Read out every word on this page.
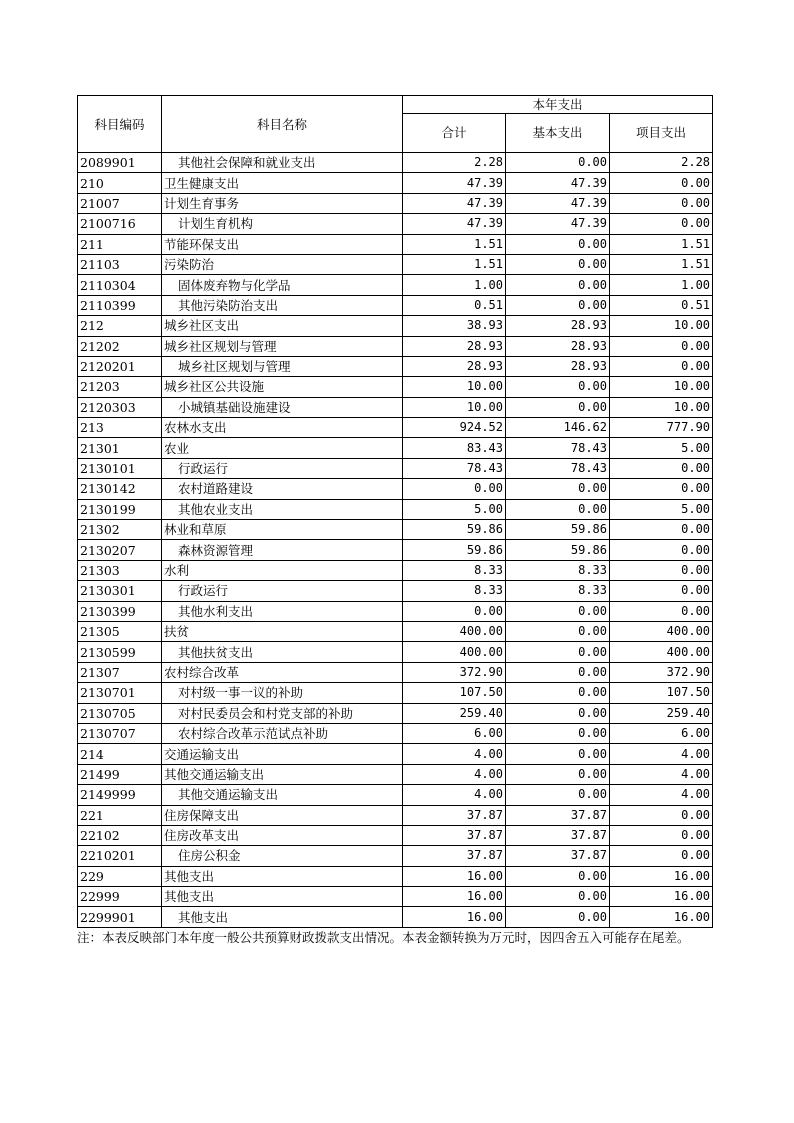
科目编码	科目名称	本年支出		
		合计	基本支出	项目支出
2089901	其他社会保障和就业支出	2.28	0.00	2.28
210	卫生健康支出	47.39	47.39	0.00
21007	计划生育事务	47.39	47.39	0.00
2100716	计划生育机构	47.39	47.39	0.00
211	节能环保支出	1.51	0.00	1.51
21103	污染防治	1.51	0.00	1.51
2110304	固体废弃物与化学品	1.00	0.00	1.00
2110399	其他污染防治支出	0.51	0.00	0.51
212	城乡社区支出	38.93	28.93	10.00
21202	城乡社区规划与管理	28.93	28.93	0.00
2120201	城乡社区规划与管理	28.93	28.93	0.00
21203	城乡社区公共设施	10.00	0.00	10.00
2120303	小城镇基础设施建设	10.00	0.00	10.00
213	农林水支出	924.52	146.62	777.90
21301	农业	83.43	78.43	5.00
2130101	行政运行	78.43	78.43	0.00
2130142	农村道路建设	0.00	0.00	0.00
2130199	其他农业支出	5.00	0.00	5.00
21302	林业和草原	59.86	59.86	0.00
2130207	森林资源管理	59.86	59.86	0.00
21303	水利	8.33	8.33	0.00
2130301	行政运行	8.33	8.33	0.00
2130399	其他水利支出	0.00	0.00	0.00
21305	扶贫	400.00	0.00	400.00
2130599	其他扶贫支出	400.00	0.00	400.00
21307	农村综合改革	372.90	0.00	372.90
2130701	对村级一事一议的补助	107.50	0.00	107.50
2130705	对村民委员会和村党支部的补助	259.40	0.00	259.40
2130707	农村综合改革示范试点补助	6.00	0.00	6.00
214	交通运输支出	4.00	0.00	4.00
21499	其他交通运输支出	4.00	0.00	4.00
2149999	其他交通运输支出	4.00	0.00	4.00
221	住房保障支出	37.87	37.87	0.00
22102	住房改革支出	37.87	37.87	0.00
2210201	住房公积金	37.87	37.87	0.00
229	其他支出	16.00	0.00	16.00
22999	其他支出	16.00	0.00	16.00
2299901	其他支出	16.00	0.00	16.00
注：本表反映部门本年度一般公共预算财政拨款支出情况。本表金额转换为万元时，因四舍五入可能存在尾差。
